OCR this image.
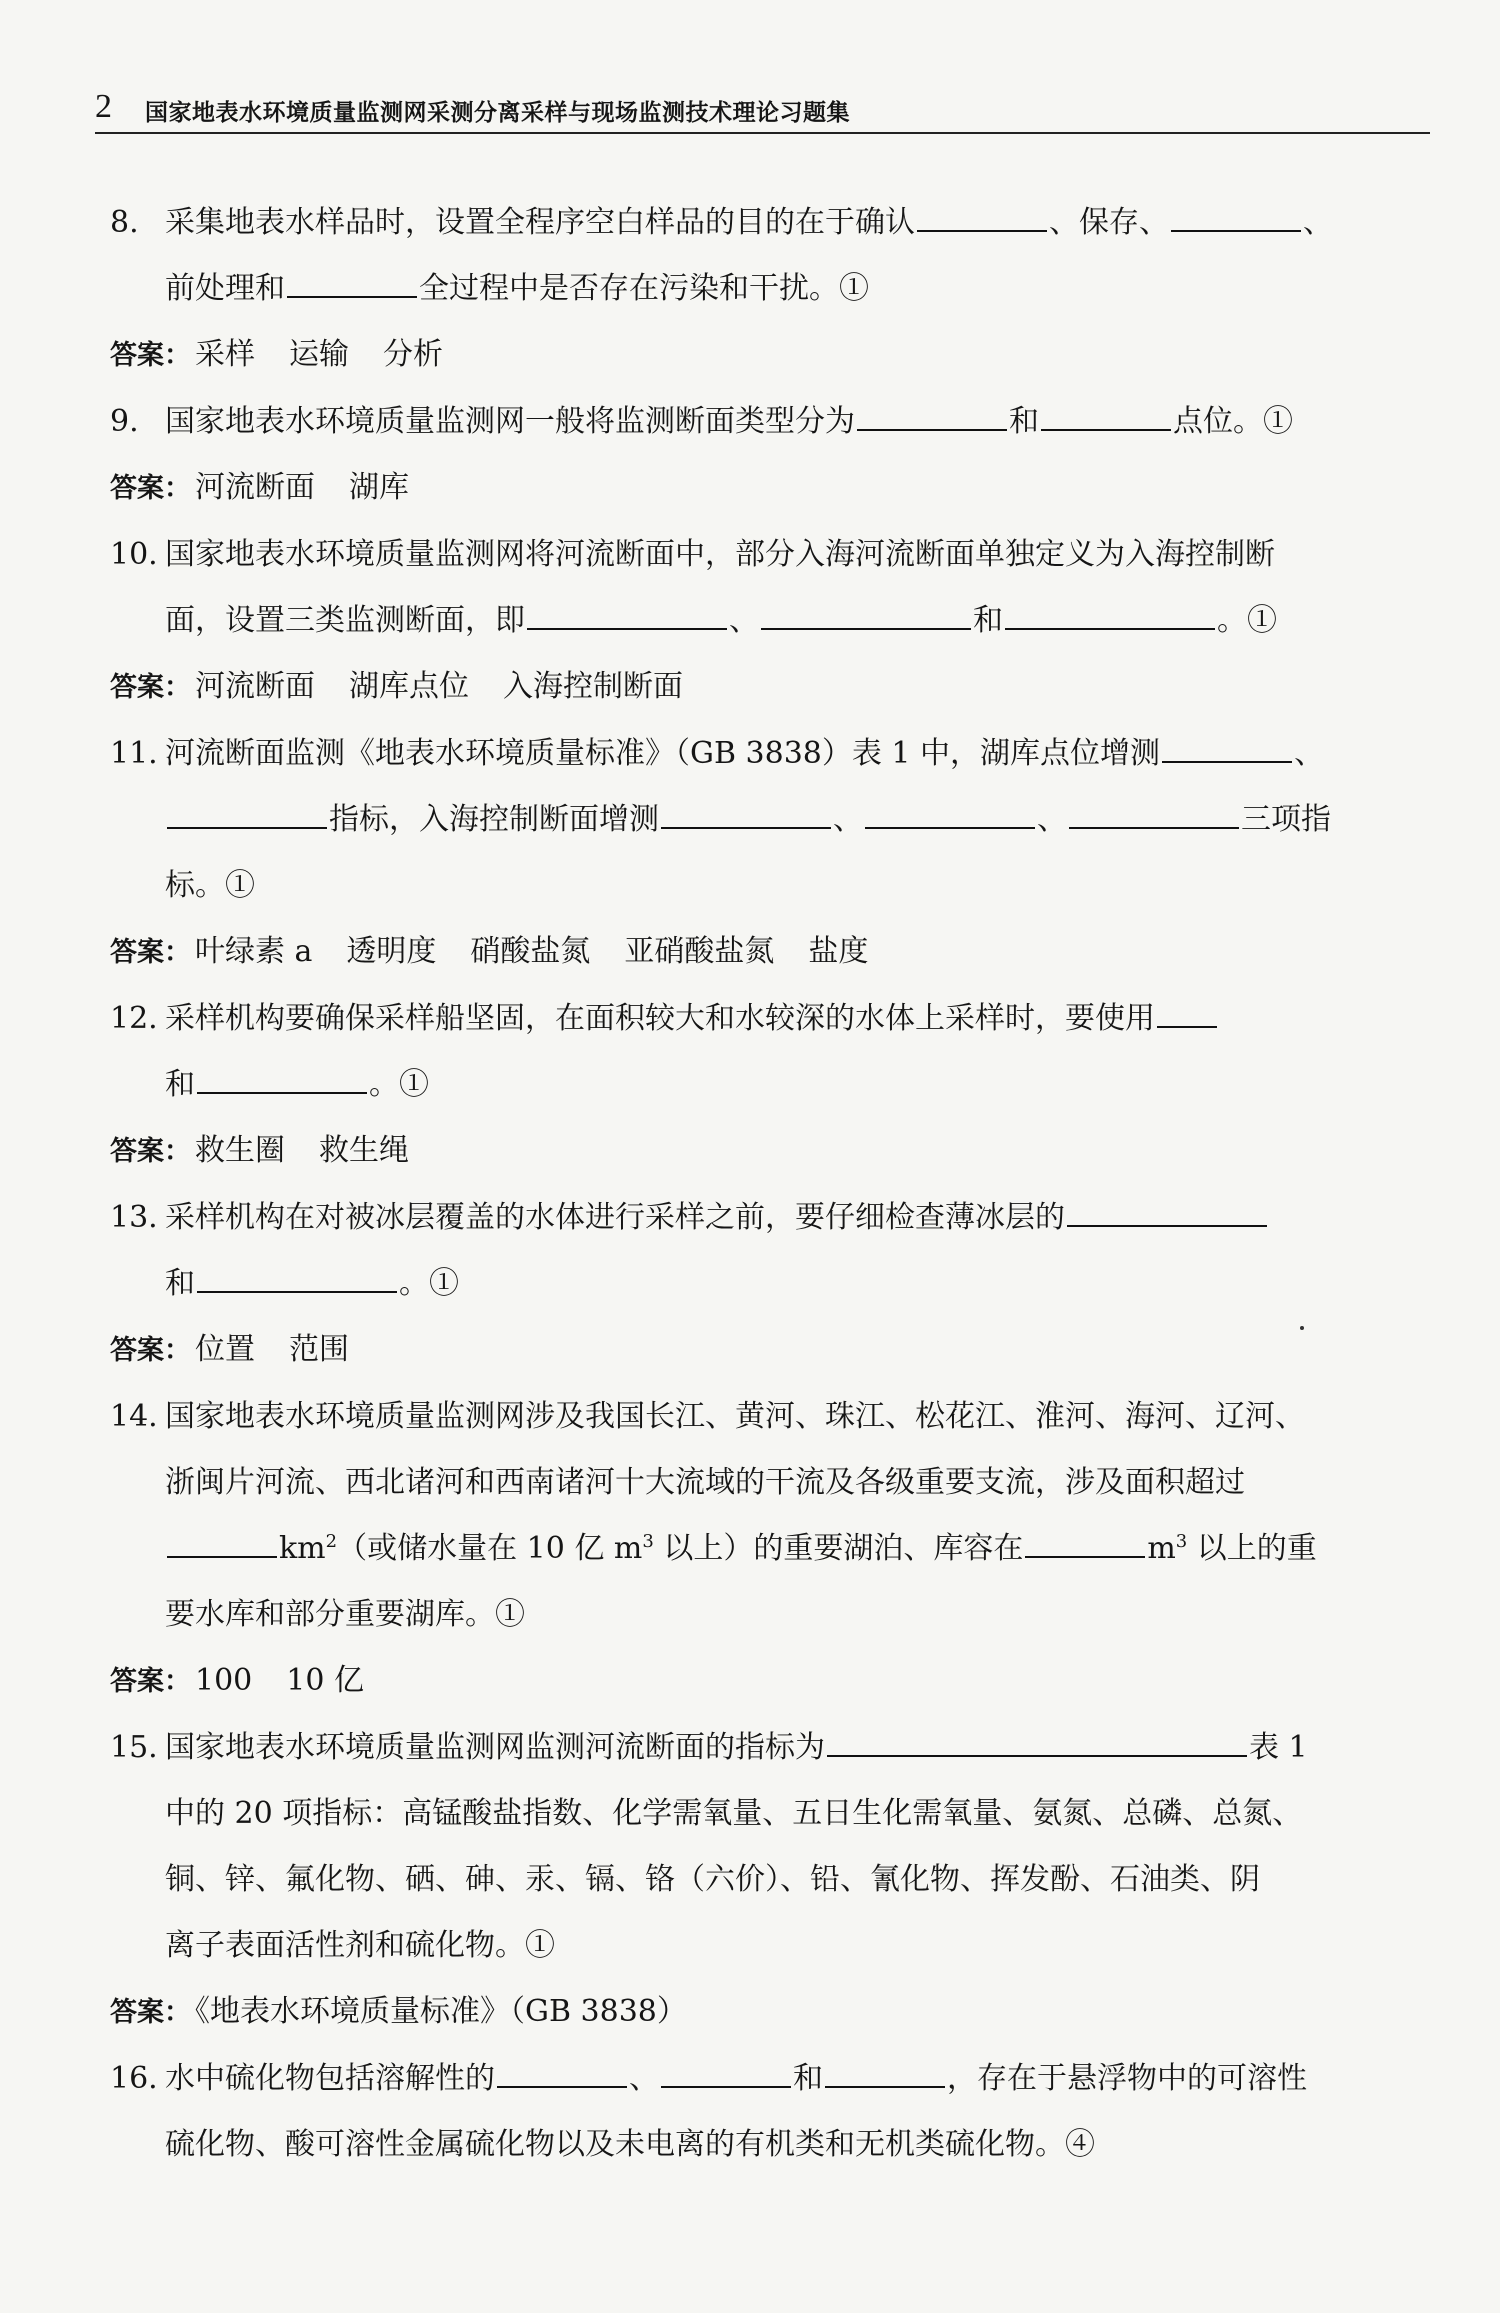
2 国家地表水环境质量监测网采测分离采样与现场监测技术理论习题集
8. 采集地表水样品时，设置全程序空白样品的目的在于确认	、保存、	、
前处理和	全过程中是否存在污染和干扰。①
答案： 采样 运输 分析
9. 国家地表水环境质量监测网一般将监测断面类型分为	和	点位。①
答案： 河流断面 湖库
10. 国家地表水环境质量监测网将河流断面中，部分入海河流断面单独定义为入海控制断
面，设置三类监测断面，即	、	和	。①
答案： 河流断面 湖库点位 入海控制断面
11. 河流断面监测《地表水环境质量标准》（GB 3838）表 1 中，湖库点位增测	、
指标，入海控制断面增测	、	、	三项指
标。①
答案： 叶绿素 a 透明度 硝酸盐氮 亚硝酸盐氮 盐度
12. 采样机构要确保采样船坚固，在面积较大和水较深的水体上采样时，要使用
和	。①
答案： 救生圈 救生绳
13. 采样机构在对被冰层覆盖的水体进行采样之前，要仔细检查薄冰层的
和	。①
答案： 位置 范围
14. 国家地表水环境质量监测网涉及我国长江、黄河、珠江、松花江、淮河、海河、辽河、
浙闽片河流、西北诸河和西南诸河十大流域的干流及各级重要支流，涉及面积超过
$km^2$（或储水量在 10 亿 $m^3$ 以上）的重要湖泊、库容在	$m^3$ 以上的重
要水库和部分重要湖库。①
答案： 100 10 亿
15. 国家地表水环境质量监测网监测河流断面的指标为	表 1
中的 20 项指标：高锰酸盐指数、化学需氧量、五日生化需氧量、氨氮、总磷、总氮、
铜、锌、氟化物、硒、砷、汞、镉、铬（六价）、铅、氰化物、挥发酚、石油类、阴
离子表面活性剂和硫化物。①
答案： 《地表水环境质量标准》（GB 3838）
16. 水中硫化物包括溶解性的	、	和	，存在于悬浮物中的可溶性
硫化物、酸可溶性金属硫化物以及未电离的有机类和无机类硫化物。④
